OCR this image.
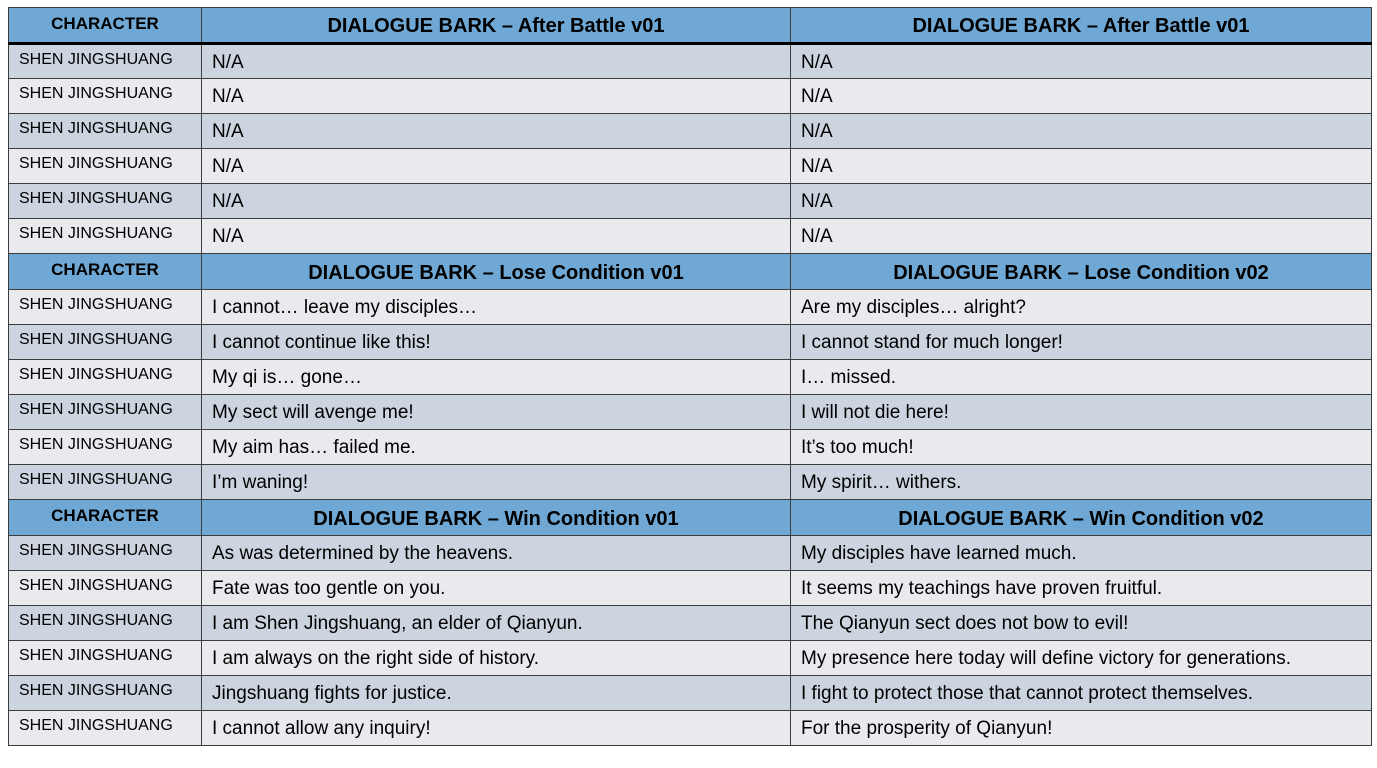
CHARACTER	DIALOGUE BARK – After Battle v01	DIALOGUE BARK – After Battle v01
SHEN JINGSHUANG	N/A	N/A
SHEN JINGSHUANG	N/A	N/A
SHEN JINGSHUANG	N/A	N/A
SHEN JINGSHUANG	N/A	N/A
SHEN JINGSHUANG	N/A	N/A
SHEN JINGSHUANG	N/A	N/A
CHARACTER	DIALOGUE BARK – Lose Condition v01	DIALOGUE BARK – Lose Condition v02
SHEN JINGSHUANG	I cannot… leave my disciples…	Are my disciples… alright?
SHEN JINGSHUANG	I cannot continue like this!	I cannot stand for much longer!
SHEN JINGSHUANG	My qi is… gone…	I… missed.
SHEN JINGSHUANG	My sect will avenge me!	I will not die here!
SHEN JINGSHUANG	My aim has… failed me.	It’s too much!
SHEN JINGSHUANG	I’m waning!	My spirit… withers.
CHARACTER	DIALOGUE BARK – Win Condition v01	DIALOGUE BARK – Win Condition v02
SHEN JINGSHUANG	As was determined by the heavens.	My disciples have learned much.
SHEN JINGSHUANG	Fate was too gentle on you.	It seems my teachings have proven fruitful.
SHEN JINGSHUANG	I am Shen Jingshuang, an elder of Qianyun.	The Qianyun sect does not bow to evil!
SHEN JINGSHUANG	I am always on the right side of history.	My presence here today will define victory for generations.
SHEN JINGSHUANG	Jingshuang fights for justice.	I fight to protect those that cannot protect themselves.
SHEN JINGSHUANG	I cannot allow any inquiry!	For the prosperity of Qianyun!
